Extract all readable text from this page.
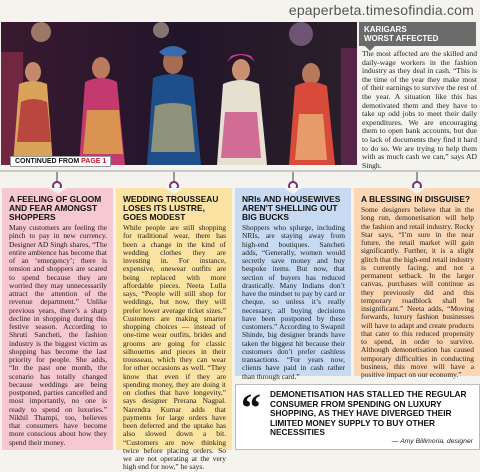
epaperbeta.timesofindia.com
CONTINUED FROM PAGE 1
KARIGARS
WORST AFFECTED
The most affected are the skilled and daily-wage workers in the fashion industry as they deal in cash. “This is the time of the year they make most of their earnings to survive the rest of the year. A situation like this has demotivated them and they have to take up odd jobs to meet their daily expenditures. We are encouraging them to open bank accounts, but due to lack of documents they find it hard to do so. We are trying to help them with as much cash we can,” says AD Singh.
A FEELING OF GLOOM AND FEAR AMONGST SHOPPERS

Many customers are feeling the pinch to pay in new currency. Designer AD Singh shares, “The entire ambience has become that of an ‘emergency’; there is tension and shoppers are scared to spend because they are worried they may unnecessarily attract the attention of the revenue department.” Unlike previous years, there’s a sharp decline in shopping during this festive season. According to Shruti Sancheti, the fashion industry is the biggest victim as shopping has become the last priority for people. She adds, “In the past one month, the scenario has totally changed because weddings are being postponed, parties cancelled and most importantly, no one is ready to spend on luxuries.” Nikhil Thampi, too, believes that consumers have become more conscious about how they spend their money.

WEDDING TROUSSEAU LOSES ITS LUSTRE, GOES MODEST

While people are still shopping for traditional wear, there has been a change in the kind of wedding clothes they are investing in. For instance, expensive, onewear outfits are being replaced with more affordable pieces. Neeta Lulla says, “People will still shop for weddings, but now, they will prefer lower average ticket sizes.” Customers are making smarter shopping choices — instead of one-time wear outfits, brides and grooms are going for classic silhouettes and pieces in their trousseau, which they can wear for other occasions as well. “They know that even if they are spending money, they are doing it on clothes that have longevity,” says designer Prerana Nagpal. Narendra Kumar adds that payments for large orders have been deferred and the uptake has also slowed down a bit. “Customers are now thinking twice before placing orders. So we are not operating at the very high end for now,” he says.

NRIs AND HOUSEWIVES AREN'T SHELLING OUT BIG BUCKS

Shoppers who splurge, including NRIs, are staying away from high-end boutiques. Sancheti adds, “Generally, women would secretly save money and buy bespoke items. But now, that section of buyers has reduced drastically. Many Indians don’t have the mindset to pay by card or cheque, so unless it’s really necessary, all buying decisions have been postponed by these customers.” According to Swapnil Shinde, big designer brands have taken the biggest hit because their customers don’t prefer cashless transactions. “For years now, clients have paid in cash rather than through card.”

A BLESSING IN DISGUISE?

Some designers believe that in the long run, demonetisation will help the fashion and retail industry. Rocky Star says, “I’m sure in the near future, the retail market will gain significantly. Further, it is a slight glitch that the high-end retail industry is currently facing, and not a permanent setback. In the larger canvas, purchases will continue as they previously did and this temporary roadblock shall be insignificant.” Neeta adds, “Moving forwards, luxury fashion businesses will have to adapt and create products that cater to this reduced propensity to spend, in order to survive. Although demonetisation has caused temporary difficulties in conducting business, this move will have a positive impact on our economy.”

“ DEMONETISATION HAS STALLED THE REGULAR CONSUMER FROM SPENDING ON LUXURY SHOPPING, AS THEY HAVE DIVERGED THEIR LIMITED MONEY SUPPLY TO BUY OTHER NECESSITIES
— Amy Billimoria, designer
